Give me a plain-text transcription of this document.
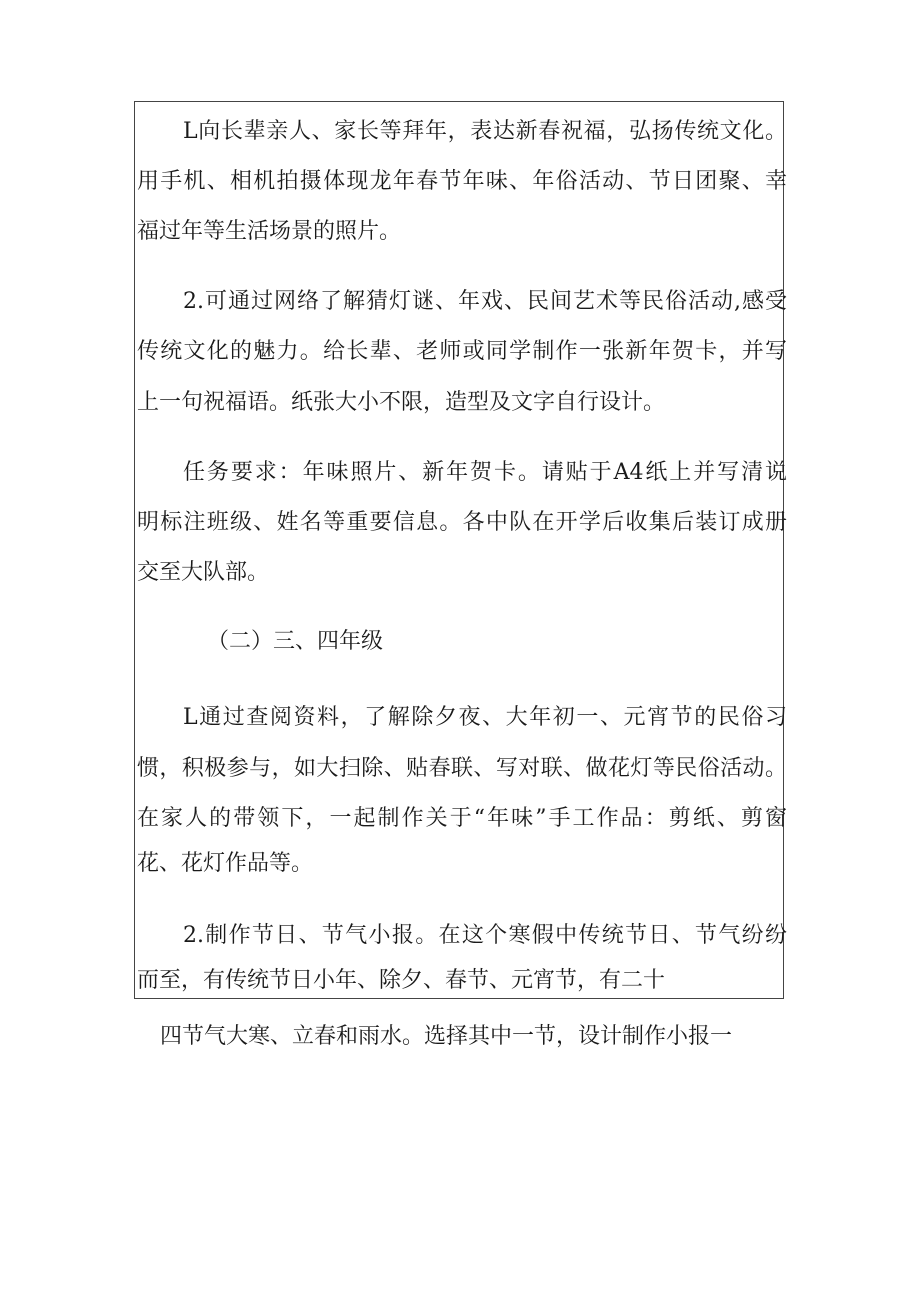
L向长辈亲人、家长等拜年，表达新春祝福，弘扬传统文化。
用手机、相机拍摄体现龙年春节年味、年俗活动、节日团聚、幸
福过年等生活场景的照片。
2.可通过网络了解猜灯谜、年戏、民间艺术等民俗活动,感受
传统文化的魅力。给长辈、老师或同学制作一张新年贺卡，并写
上一句祝福语。纸张大小不限，造型及文字自行设计。
任务要求：年味照片、新年贺卡。请贴于A4纸上并写清说
明标注班级、姓名等重要信息。各中队在开学后收集后装订成册
交至大队部。
（二）三、四年级
L通过查阅资料，了解除夕夜、大年初一、元宵节的民俗习
惯，积极参与，如大扫除、贴春联、写对联、做花灯等民俗活动。
在家人的带领下，一起制作关于“年味”手工作品：剪纸、剪窗
花、花灯作品等。
2.制作节日、节气小报。在这个寒假中传统节日、节气纷纷
而至，有传统节日小年、除夕、春节、元宵节，有二十
四节气大寒、立春和雨水。选择其中一节，设计制作小报一
